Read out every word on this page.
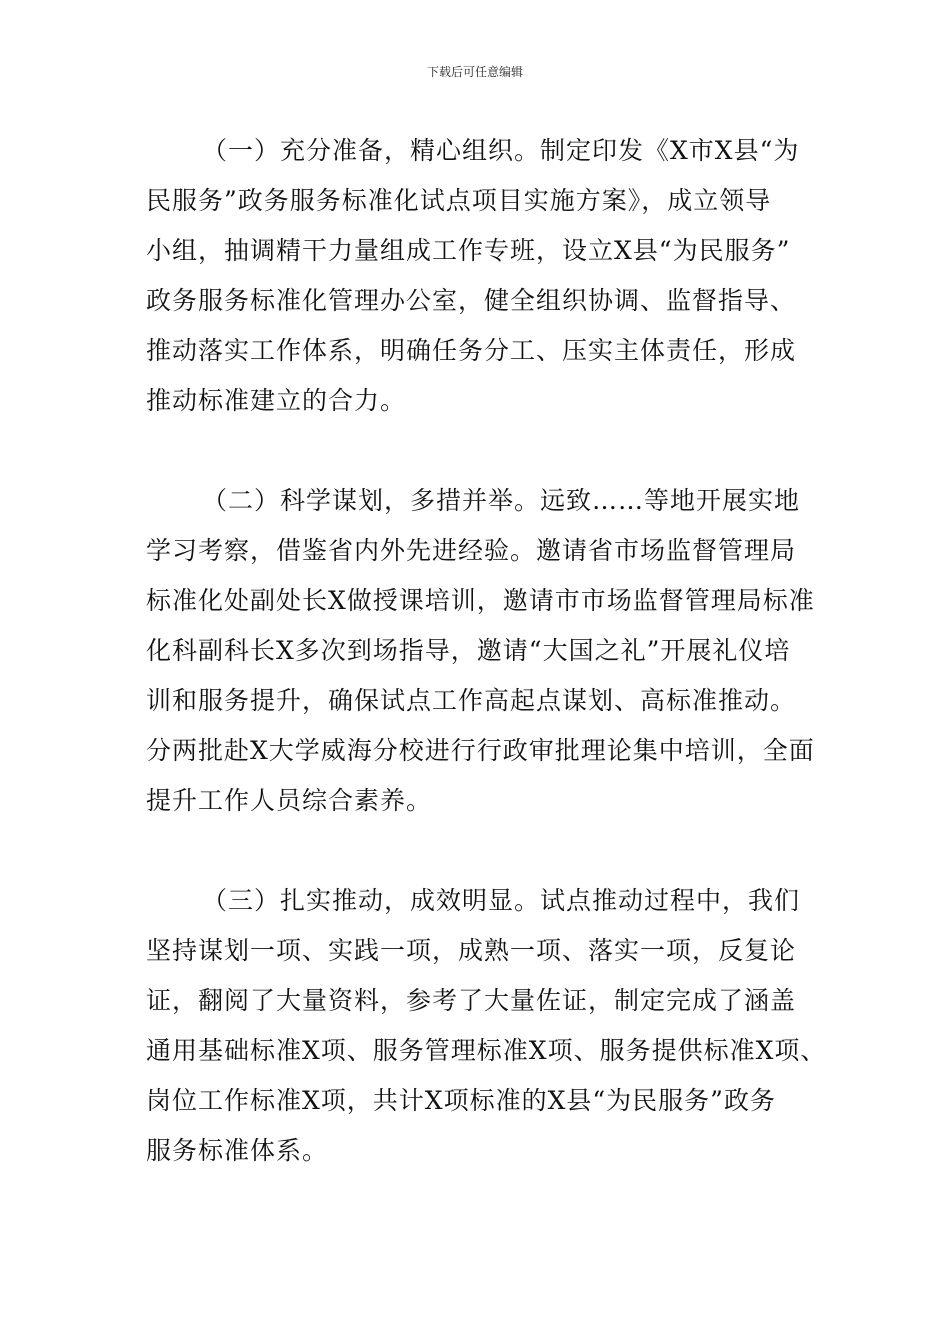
下载后可任意编辑

（一）充分准备，精心组织。制定印发《X市X县“为
民服务”政务服务标准化试点项目实施方案》，成立领导
小组，抽调精干力量组成工作专班，设立X县“为民服务”
政务服务标准化管理办公室，健全组织协调、监督指导、
推动落实工作体系，明确任务分工、压实主体责任，形成
推动标准建立的合力。

（二）科学谋划，多措并举。远致……等地开展实地
学习考察，借鉴省内外先进经验。邀请省市场监督管理局
标准化处副处长X做授课培训，邀请市市场监督管理局标准
化科副科长X多次到场指导，邀请“大国之礼”开展礼仪培
训和服务提升，确保试点工作高起点谋划、高标准推动。
分两批赴X大学威海分校进行行政审批理论集中培训，全面
提升工作人员综合素养。

（三）扎实推动，成效明显。试点推动过程中，我们
坚持谋划一项、实践一项，成熟一项、落实一项，反复论
证，翻阅了大量资料，参考了大量佐证，制定完成了涵盖
通用基础标准X项、服务管理标准X项、服务提供标准X项、
岗位工作标准X项，共计X项标准的X县“为民服务”政务
服务标准体系。
